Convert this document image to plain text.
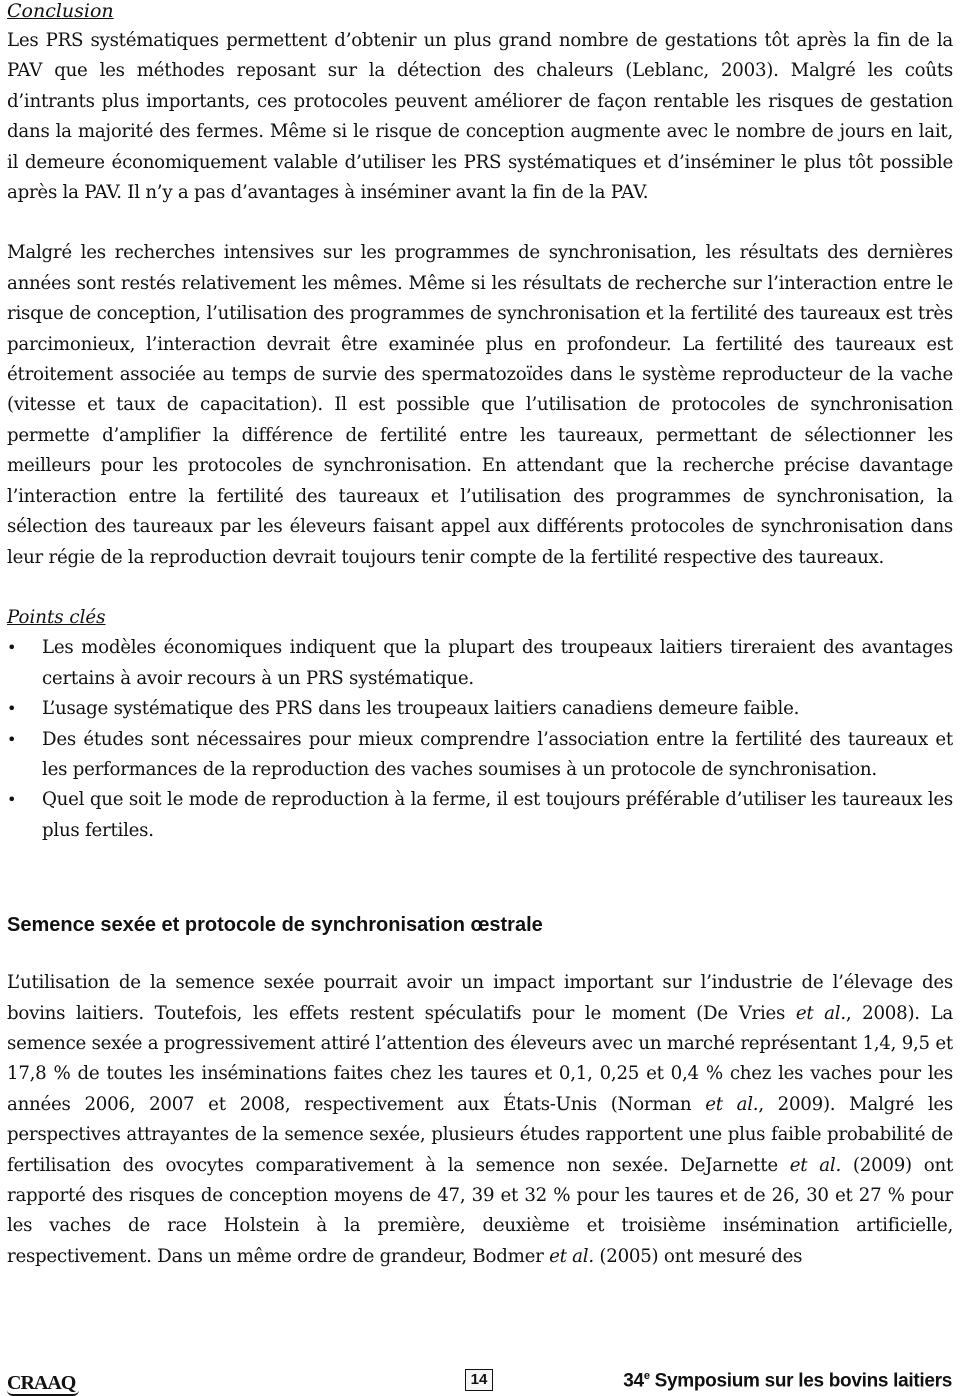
Conclusion

Les PRS systématiques permettent d’obtenir un plus grand nombre de gestations tôt après la fin de la PAV que les méthodes reposant sur la détection des chaleurs (Leblanc, 2003). Malgré les coûts d’intrants plus importants, ces protocoles peuvent améliorer de façon rentable les risques de gestation dans la majorité des fermes. Même si le risque de conception augmente avec le nombre de jours en lait, il demeure économiquement valable d’utiliser les PRS systématiques et d’inséminer le plus tôt possible après la PAV. Il n’y a pas d’avantages à inséminer avant la fin de la PAV.

Malgré les recherches intensives sur les programmes de synchronisation, les résultats des dernières années sont restés relativement les mêmes. Même si les résultats de recherche sur l’interaction entre le risque de conception, l’utilisation des programmes de synchronisation et la fertilité des taureaux est très parcimonieux, l’interaction devrait être examinée plus en profondeur. La fertilité des taureaux est étroitement associée au temps de survie des spermatozoïdes dans le système reproducteur de la vache (vitesse et taux de capacitation). Il est possible que l’utilisation de protocoles de synchronisation permette d’amplifier la différence de fertilité entre les taureaux, permettant de sélectionner les meilleurs pour les protocoles de synchronisation. En attendant que la recherche précise davantage l’interaction entre la fertilité des taureaux et l’utilisation des programmes de synchronisation, la sélection des taureaux par les éleveurs faisant appel aux différents protocoles de synchronisation dans leur régie de la reproduction devrait toujours tenir compte de la fertilité respective des taureaux.

Points clés
• Les modèles économiques indiquent que la plupart des troupeaux laitiers tireraient des avantages certains à avoir recours à un PRS systématique.
• L’usage systématique des PRS dans les troupeaux laitiers canadiens demeure faible.
• Des études sont nécessaires pour mieux comprendre l’association entre la fertilité des taureaux et les performances de la reproduction des vaches soumises à un protocole de synchronisation.
• Quel que soit le mode de reproduction à la ferme, il est toujours préférable d’utiliser les taureaux les plus fertiles.
Semence sexée et protocole de synchronisation œstrale

L’utilisation de la semence sexée pourrait avoir un impact important sur l’industrie de l’élevage des bovins laitiers. Toutefois, les effets restent spéculatifs pour le moment (De Vries et al., 2008). La semence sexée a progressivement attiré l’attention des éleveurs avec un marché représentant 1,4, 9,5 et 17,8 % de toutes les inséminations faites chez les taures et 0,1, 0,25 et 0,4 % chez les vaches pour les années 2006, 2007 et 2008, respectivement aux États-Unis (Norman et al., 2009). Malgré les perspectives attrayantes de la semence sexée, plusieurs études rapportent une plus faible probabilité de fertilisation des ovocytes comparativement à la semence non sexée. DeJarnette et al. (2009) ont rapporté des risques de conception moyens de 47, 39 et 32 % pour les taures et de 26, 30 et 27 % pour les vaches de race Holstein à la première, deuxième et troisième insémination artificielle, respectivement. Dans un même ordre de grandeur, Bodmer et al. (2005) ont mesuré des

CRAAQ	14	34e Symposium sur les bovins laitiers
